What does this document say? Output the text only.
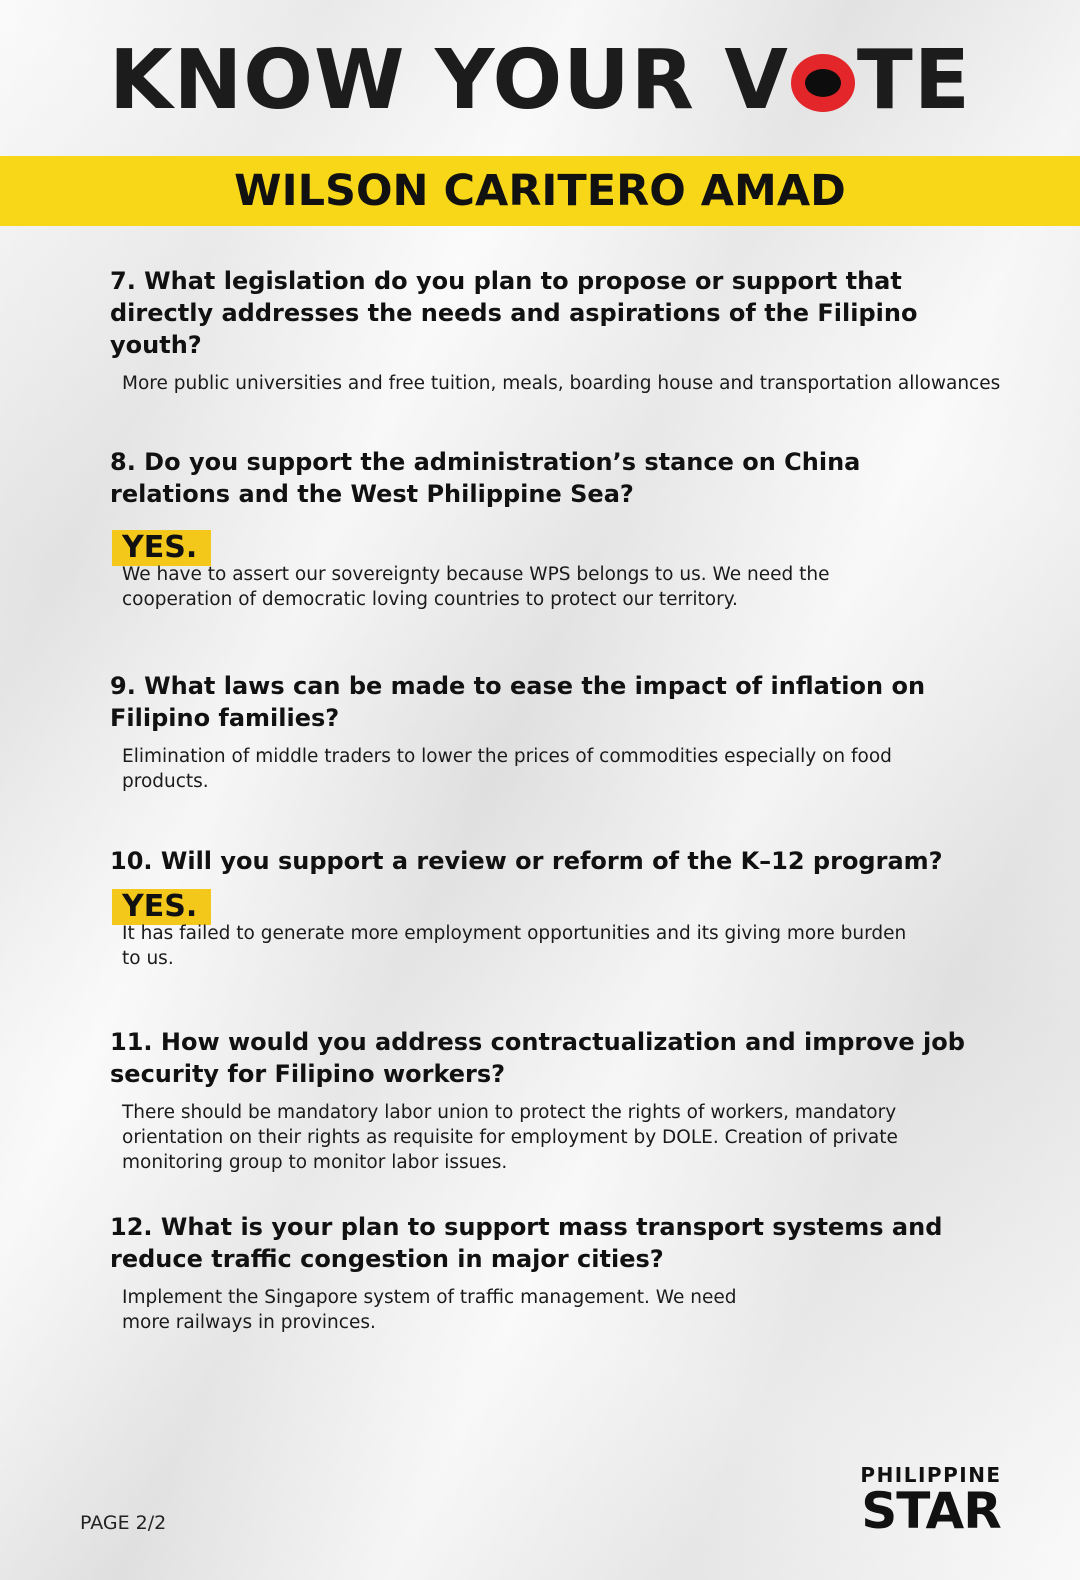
KNOW YOUR V TE
WILSON CARITERO AMAD

7. What legislation do you plan to propose or support that directly addresses the needs and aspirations of the Filipino youth?

More public universities and free tuition, meals, boarding house and transportation allowances

8. Do you support the administration’s stance on China relations and the West Philippine Sea?

YES.

We have to assert our sovereignty because WPS belongs to us. We need the cooperation of democratic loving countries to protect our territory.

9. What laws can be made to ease the impact of inflation on Filipino families?

Elimination of middle traders to lower the prices of commodities especially on food products.

10. Will you support a review or reform of the K–12 program?

YES.

It has failed to generate more employment opportunities and its giving more burden to us.

11. How would you address contractualization and improve job security for Filipino workers?

There should be mandatory labor union to protect the rights of workers, mandatory orientation on their rights as requisite for employment by DOLE. Creation of private monitoring group to monitor labor issues.

12. What is your plan to support mass transport systems and reduce traffic congestion in major cities?

Implement the Singapore system of traffic management. We need more railways in provinces.

PAGE 2/2
PHILIPPINE
STAR
